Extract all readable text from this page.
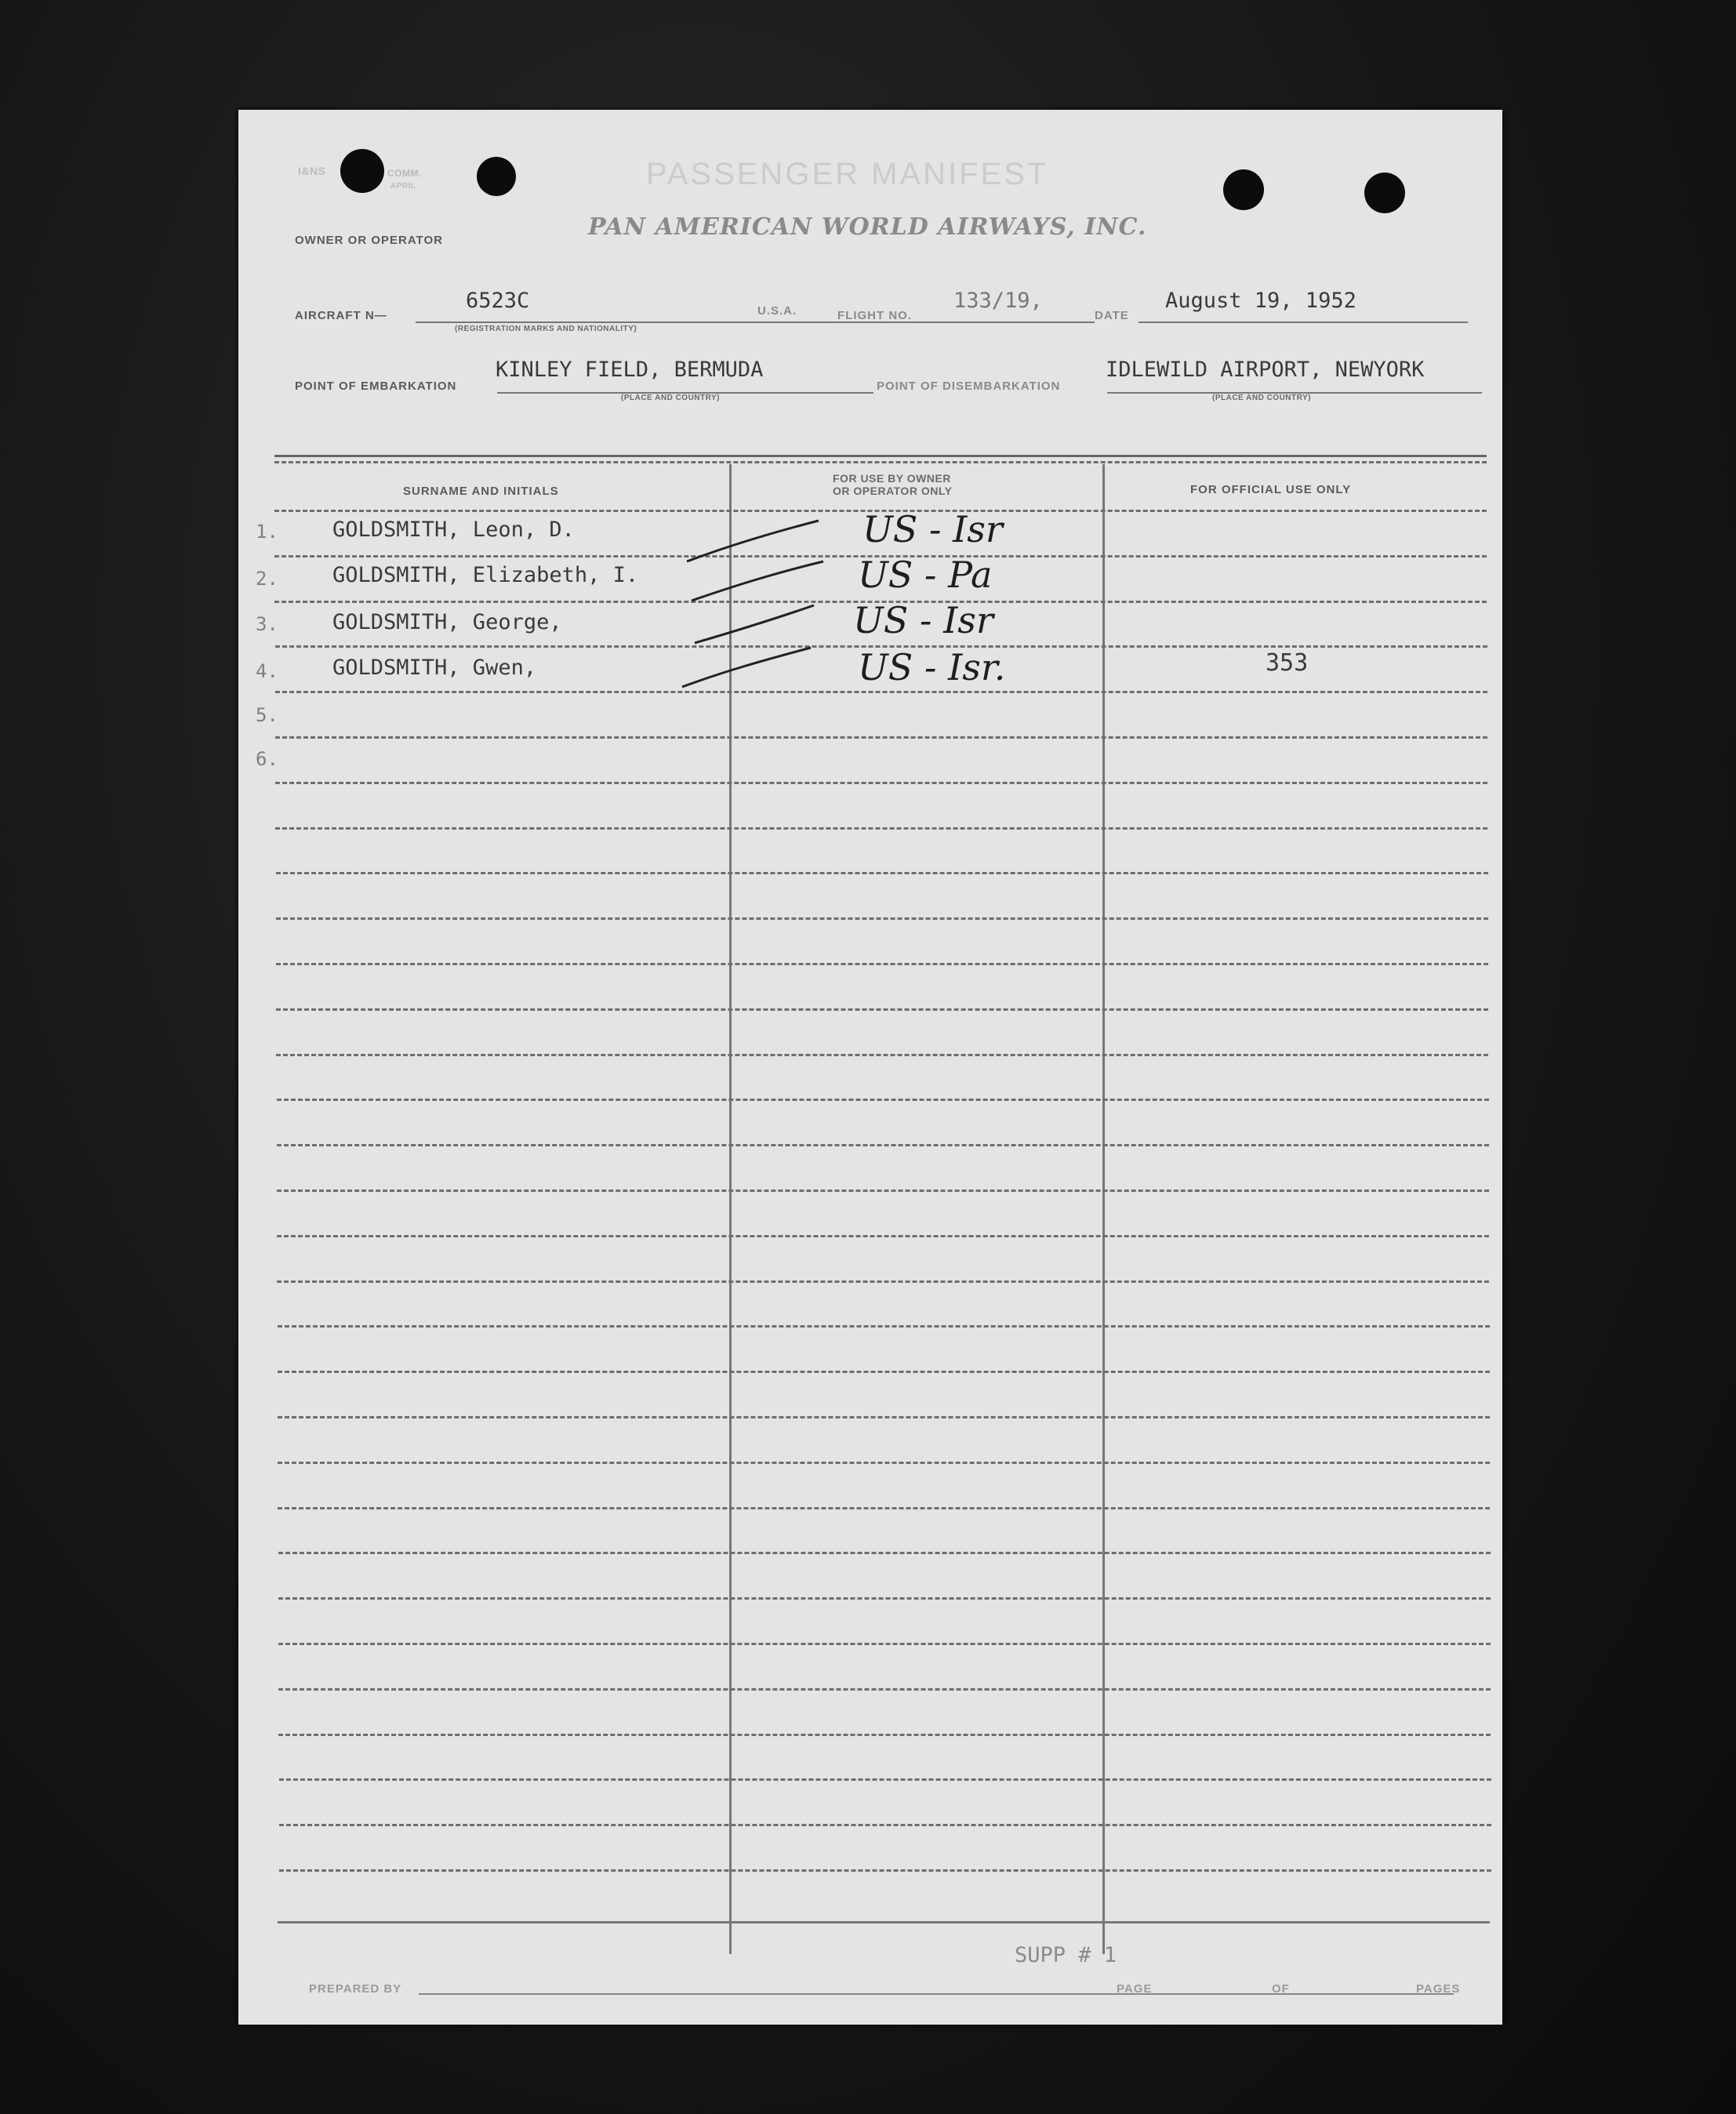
I&NS	COMM.
APRIL	PASSENGER MANIFEST
OWNER OR OPERATOR	PAN AMERICAN WORLD AIRWAYS, INC.
AIRCRAFT N—
6523C
(REGISTRATION MARKS AND NATIONALITY)
U.S.A.	FLIGHT NO.
133/19,
DATE
August 19, 1952
POINT OF EMBARKATION
KINLEY FIELD, BERMUDA
(PLACE AND COUNTRY)
POINT OF DISEMBARKATION
IDLEWILD AIRPORT, NEWYORK
(PLACE AND COUNTRY)
SURNAME AND INITIALS
FOR USE BY OWNER
OR OPERATOR ONLY	FOR OFFICIAL USE ONLY
1.	GOLDSMITH, Leon, D.	US - Isr
2.	GOLDSMITH, Elizabeth, I.	US - Pa
3.	GOLDSMITH, George,	US - Isr
4.	GOLDSMITH, Gwen,	US - Isr.	353
5.
6.
SUPP # 1
PREPARED BY	PAGE	OF	PAGES
